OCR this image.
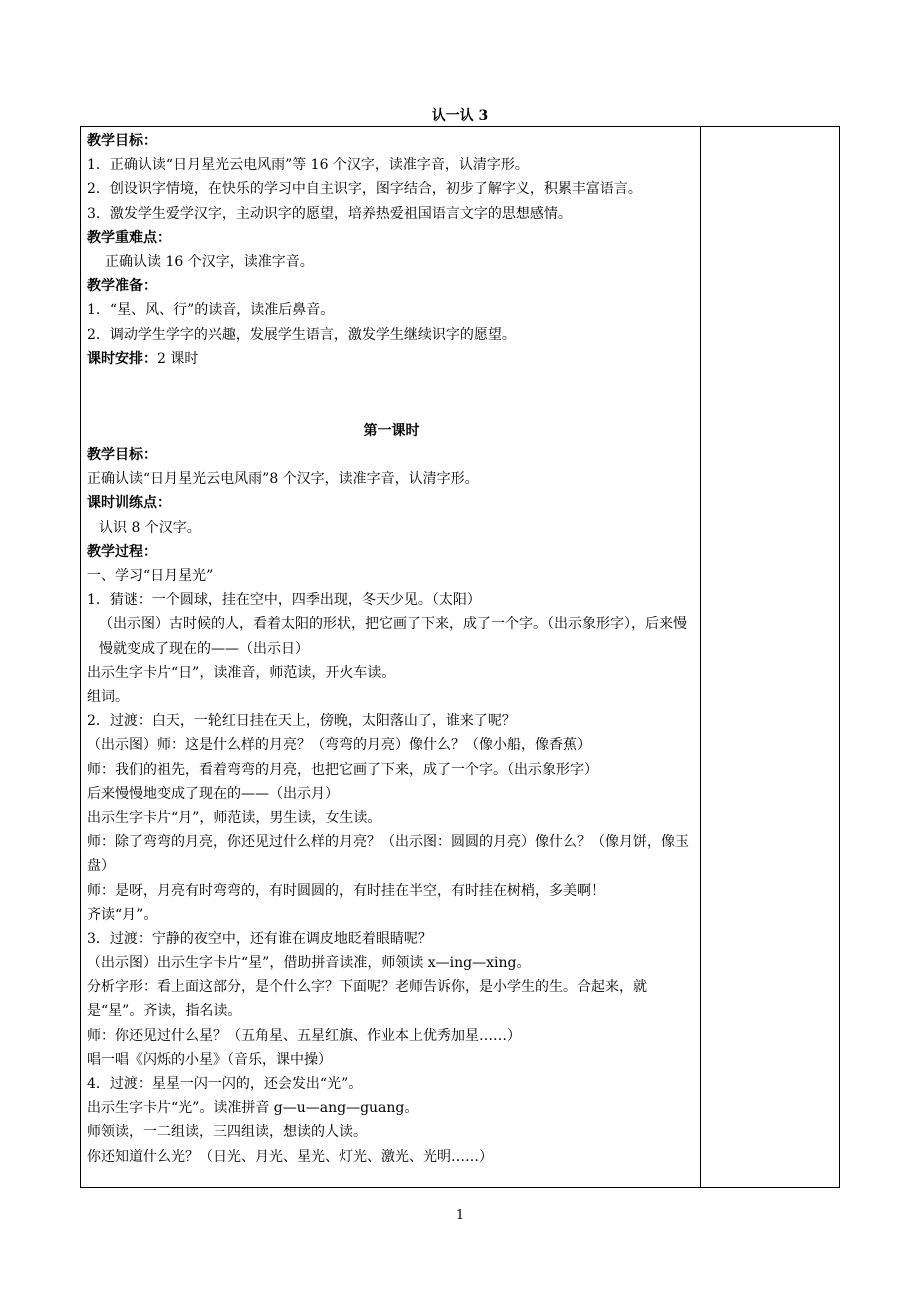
认一认 3
教学目标：
1．正确认读“日月星光云电风雨”等 16 个汉字，读准字音，认清字形。
2．创设识字情境，在快乐的学习中自主识字，图字结合，初步了解字义，积累丰富语言。
3．激发学生爱学汉字，主动识字的愿望，培养热爱祖国语言文字的思想感情。
教学重难点：
正确认读 16 个汉字，读准字音。
教学准备：
1．“星、风、行”的读音，读准后鼻音。
2．调动学生学字的兴趣，发展学生语言，激发学生继续识字的愿望。
课时安排：2 课时
第一课时
教学目标：
正确认读“日月星光云电风雨”8 个汉字，读准字音，认清字形。
课时训练点：
认识 8 个汉字。
教学过程：
一、学习“日月星光”
1．猜谜：一个圆球，挂在空中，四季出现，冬天少见。（太阳）
（出示图）古时候的人，看着太阳的形状，把它画了下来，成了一个字。（出示象形字），后来慢慢就变成了现在的——（出示日）
出示生字卡片“日”，读准音，师范读，开火车读。
组词。
2．过渡：白天，一轮红日挂在天上，傍晚，太阳落山了，谁来了呢？
（出示图）师：这是什么样的月亮？（弯弯的月亮）像什么？（像小船，像香蕉）
师：我们的祖先，看着弯弯的月亮，也把它画了下来，成了一个字。（出示象形字）
后来慢慢地变成了现在的——（出示月）
出示生字卡片“月”，师范读，男生读，女生读。
师：除了弯弯的月亮，你还见过什么样的月亮？（出示图：圆圆的月亮）像什么？（像月饼，像玉盘）
师：是呀，月亮有时弯弯的，有时圆圆的，有时挂在半空，有时挂在树梢，多美啊！
齐读“月”。
3．过渡：宁静的夜空中，还有谁在调皮地眨着眼睛呢？
（出示图）出示生字卡片“星”，借助拼音读准，师领读 x—ing—xing。
分析字形：看上面这部分，是个什么字？下面呢？老师告诉你，是小学生的生。合起来，就是“星”。齐读，指名读。
师：你还见过什么星？（五角星、五星红旗、作业本上优秀加星……）
唱一唱《闪烁的小星》（音乐，课中操）
4．过渡：星星一闪一闪的，还会发出“光”。
出示生字卡片“光”。读准拼音 g—u—ang—guang。
师领读，一二组读，三四组读，想读的人读。
你还知道什么光？（日光、月光、星光、灯光、激光、光明……）
1
